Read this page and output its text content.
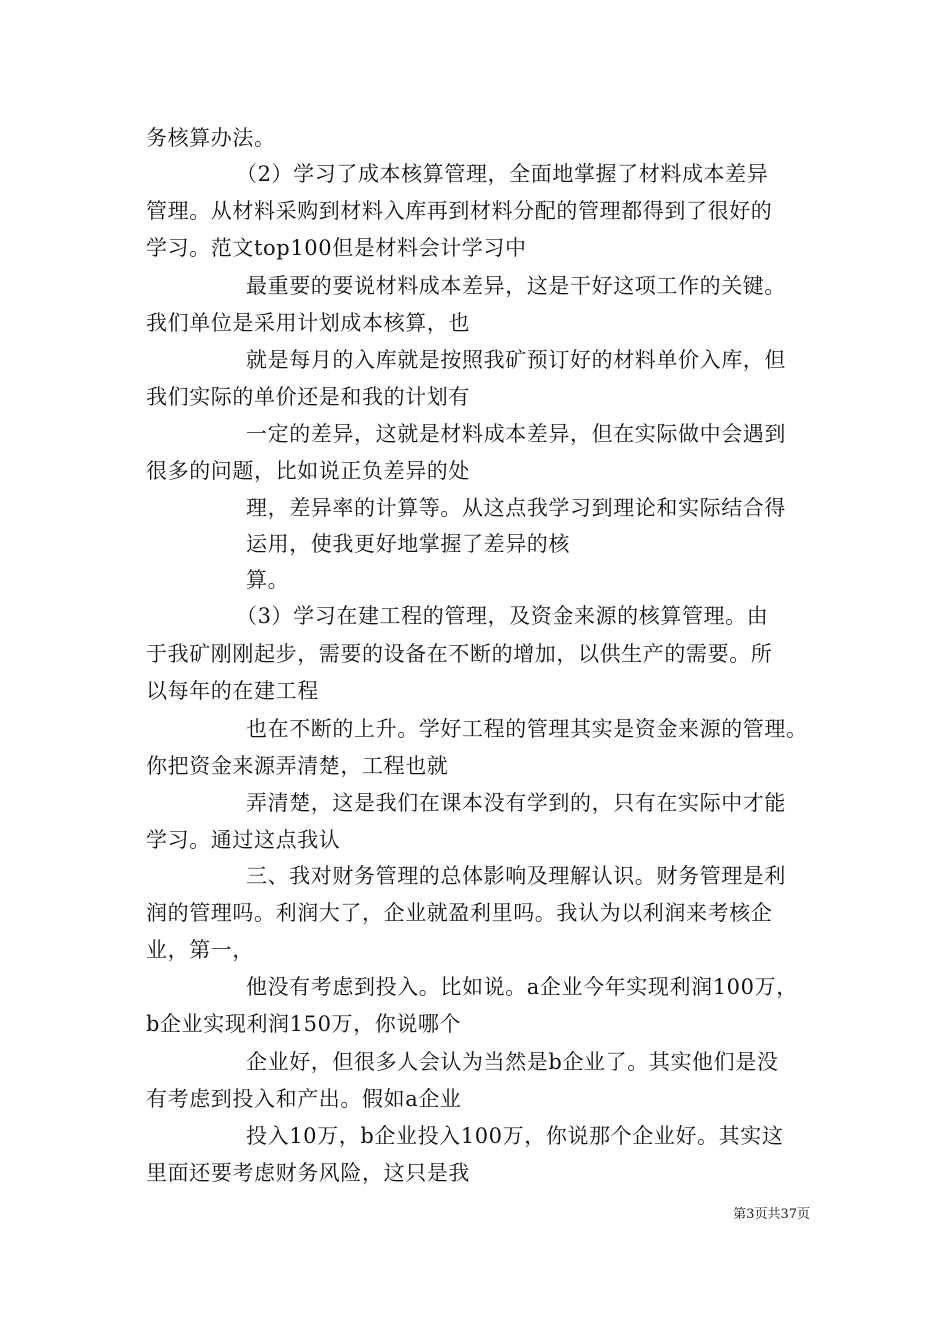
务核算办法。
（2）学习了成本核算管理，全面地掌握了材料成本差异
管理。从材料采购到材料入库再到材料分配的管理都得到了很好的
学习。范文top100但是材料会计学习中
最重要的要说材料成本差异，这是干好这项工作的关键。
我们单位是采用计划成本核算，也
就是每月的入库就是按照我矿预订好的材料单价入库，但
我们实际的单价还是和我的计划有
一定的差异，这就是材料成本差异，但在实际做中会遇到
很多的问题，比如说正负差异的处
理，差异率的计算等。从这点我学习到理论和实际结合得
运用，使我更好地掌握了差异的核
算。
（3）学习在建工程的管理，及资金来源的核算管理。由
于我矿刚刚起步，需要的设备在不断的增加，以供生产的需要。所
以每年的在建工程
也在不断的上升。学好工程的管理其实是资金来源的管理。
你把资金来源弄清楚，工程也就
弄清楚，这是我们在课本没有学到的，只有在实际中才能
学习。通过这点我认
三、我对财务管理的总体影响及理解认识。财务管理是利
润的管理吗。利润大了，企业就盈利里吗。我认为以利润来考核企
业，第一，
他没有考虑到投入。比如说。a企业今年实现利润100万，
b企业实现利润150万，你说哪个
企业好，但很多人会认为当然是b企业了。其实他们是没
有考虑到投入和产出。假如a企业
投入10万，b企业投入100万，你说那个企业好。其实这
里面还要考虑财务风险，这只是我
第3页共37页
